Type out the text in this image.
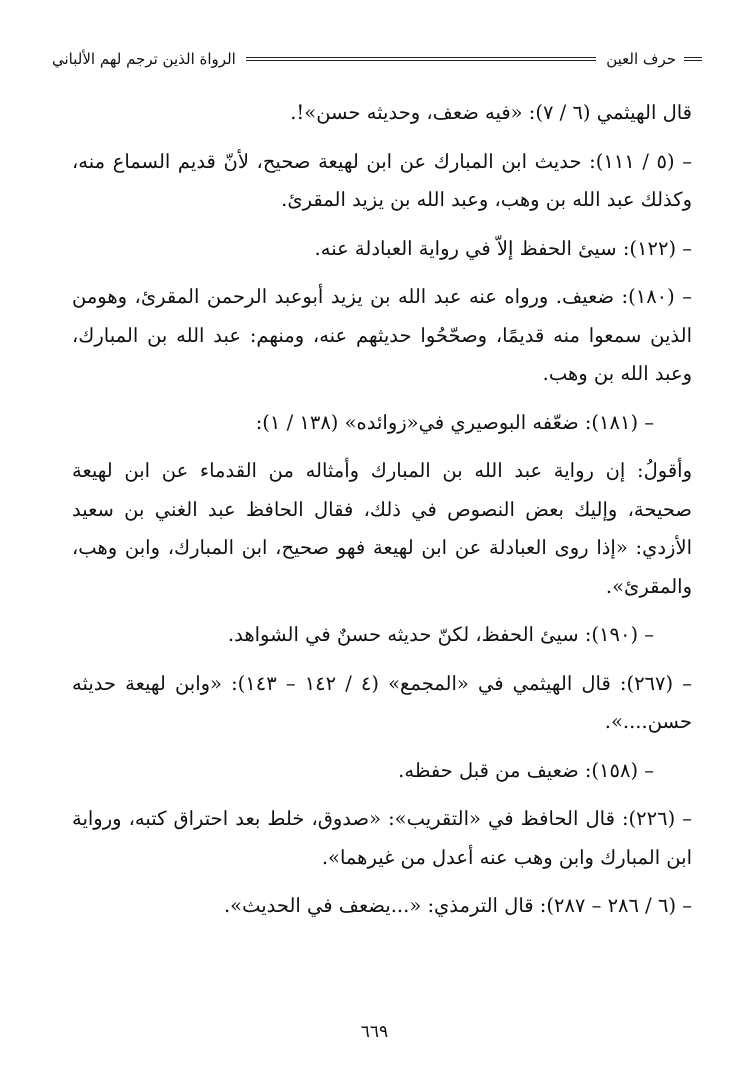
حرف العين
الرواة الذين ترجم لهم الألباني

قال الهيثمي (٦ / ٧): «فيه ضعف، وحديثه حسن»!.

– (٥ / ١١١): حديث ابن المبارك عن ابن لهيعة صحيح، لأنّ قديم السماع منه، وكذلك عبد الله بن وهب، وعبد الله بن يزيد المقرئ.

– (١٢٢): سيئ الحفظ إلاّ في رواية العبادلة عنه.

– (١٨٠): ضعيف. ورواه عنه عبد الله بن يزيد أبوعبد الرحمن المقرئ، وهومن الذين سمعوا منه قديمًا، وصحّحُوا حديثهم عنه، ومنهم: عبد الله بن المبارك، وعبد الله بن وهب.

– (١٨١): ضعّفه البوصيري في«زوائده» (١٣٨ / ١):

وأقولُ: إن رواية عبد الله بن المبارك وأمثاله من القدماء عن ابن لهيعة صحيحة، وإليك بعض النصوص في ذلك، فقال الحافظ عبد الغني بن سعيد الأزدي: «إذا روى العبادلة عن ابن لهيعة فهو صحيح، ابن المبارك، وابن وهب، والمقرئ».

– (١٩٠): سيئ الحفظ، لكنّ حديثه حسنٌ في الشواهد.

– (٢٦٧): قال الهيثمي في «المجمع» (٤ / ١٤٢ – ١٤٣): «وابن لهيعة حديثه حسن....».

– (١٥٨): ضعيف من قبل حفظه.

– (٢٢٦): قال الحافظ في «التقريب»: «صدوق، خلط بعد احتراق كتبه، ورواية ابن المبارك وابن وهب عنه أعدل من غيرهما».

– (٦ / ٢٨٦ – ٢٨٧): قال الترمذي: «...يضعف في الحديث».

٦٦٩
